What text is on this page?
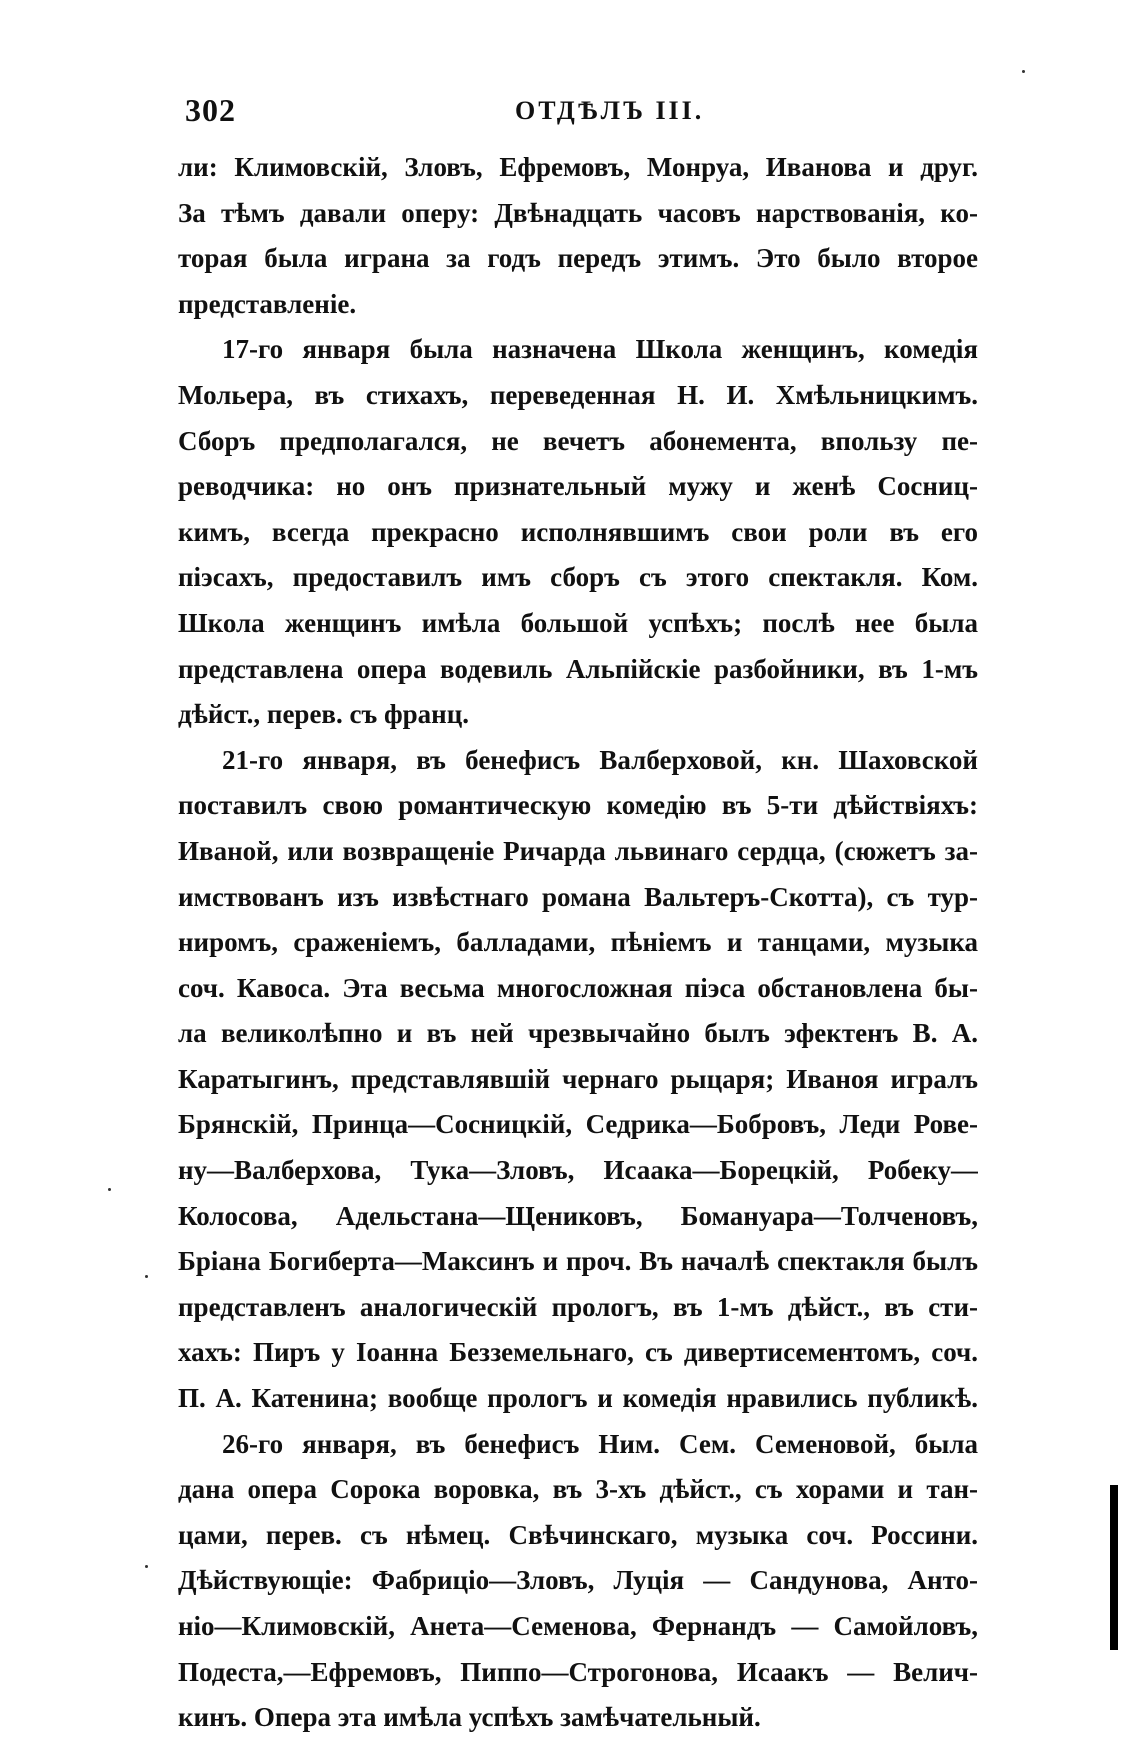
302	ОТДѢЛЪ III.
ли: Климовскій, Зловъ, Ефремовъ, Монруа, Иванова и друг.
За тѣмъ давали оперу: Двѣнадцать часовъ нарствованія, ко-
торая была играна за годъ передъ этимъ. Это было второе
представленіе.
17-го января была назначена Школа женщинъ, комедія
Мольера, въ стихахъ, переведенная Н. И. Хмѣльницкимъ.
Сборъ предполагался, не вечетъ абонемента, впользу пе-
реводчика: но онъ признательный мужу и женѣ Сосниц-
кимъ, всегда прекрасно исполнявшимъ свои роли въ его
піэсахъ, предоставилъ имъ сборъ съ этого спектакля. Ком.
Школа женщинъ имѣла большой успѣхъ; послѣ нее была
представлена опера водевиль Альпійскіе разбойники, въ 1-мъ
дѣйст., перев. съ франц.
21-го января, въ бенефисъ Валберховой, кн. Шаховской
поставилъ свою романтическую комедію въ 5-ти дѣйствіяхъ:
Иваной, или возвращеніе Ричарда львинаго сердца, (сюжетъ за-
имствованъ изъ извѣстнаго романа Вальтеръ-Скотта), съ тур-
ниромъ, сраженіемъ, балладами, пѣніемъ и танцами, музыка
соч. Кавоса. Эта весьма многосложная піэса обстановлена бы-
ла великолѣпно и въ ней чрезвычайно былъ эфектенъ В. А.
Каратыгинъ, представлявшій чернаго рыцаря; Иваноя игралъ
Брянскій, Принца—Сосницкій, Седрика—Бобровъ, Леди Рове-
ну—Валберхова, Тука—Зловъ, Исаака—Борецкій, Робеку—
Колосова, Адельстана—Щениковъ, Бомануара—Толченовъ,
Бріана Богиберта—Максинъ и проч. Въ началѣ спектакля былъ
представленъ аналогическій прологъ, въ 1-мъ дѣйст., въ сти-
хахъ: Пиръ у Іоанна Безземельнаго, съ дивертисементомъ, соч.
П. А. Катенина; вообще прологъ и комедія нравились публикѣ.
26-го января, въ бенефисъ Ним. Сем. Семеновой, была
дана опера Сорока воровка, въ 3-хъ дѣйст., съ хорами и тан-
цами, перев. съ нѣмец. Свѣчинскаго, музыка соч. Россини.
Дѣйствующіе: Фабриціо—Зловъ, Луція — Сандунова, Анто-
ніо—Климовскій, Анета—Семенова, Фернандъ — Самойловъ,
Подеста,—Ефремовъ, Пиппо—Строгонова, Исаакъ — Велич-
кинъ. Опера эта имѣла успѣхъ замѣчательный.
